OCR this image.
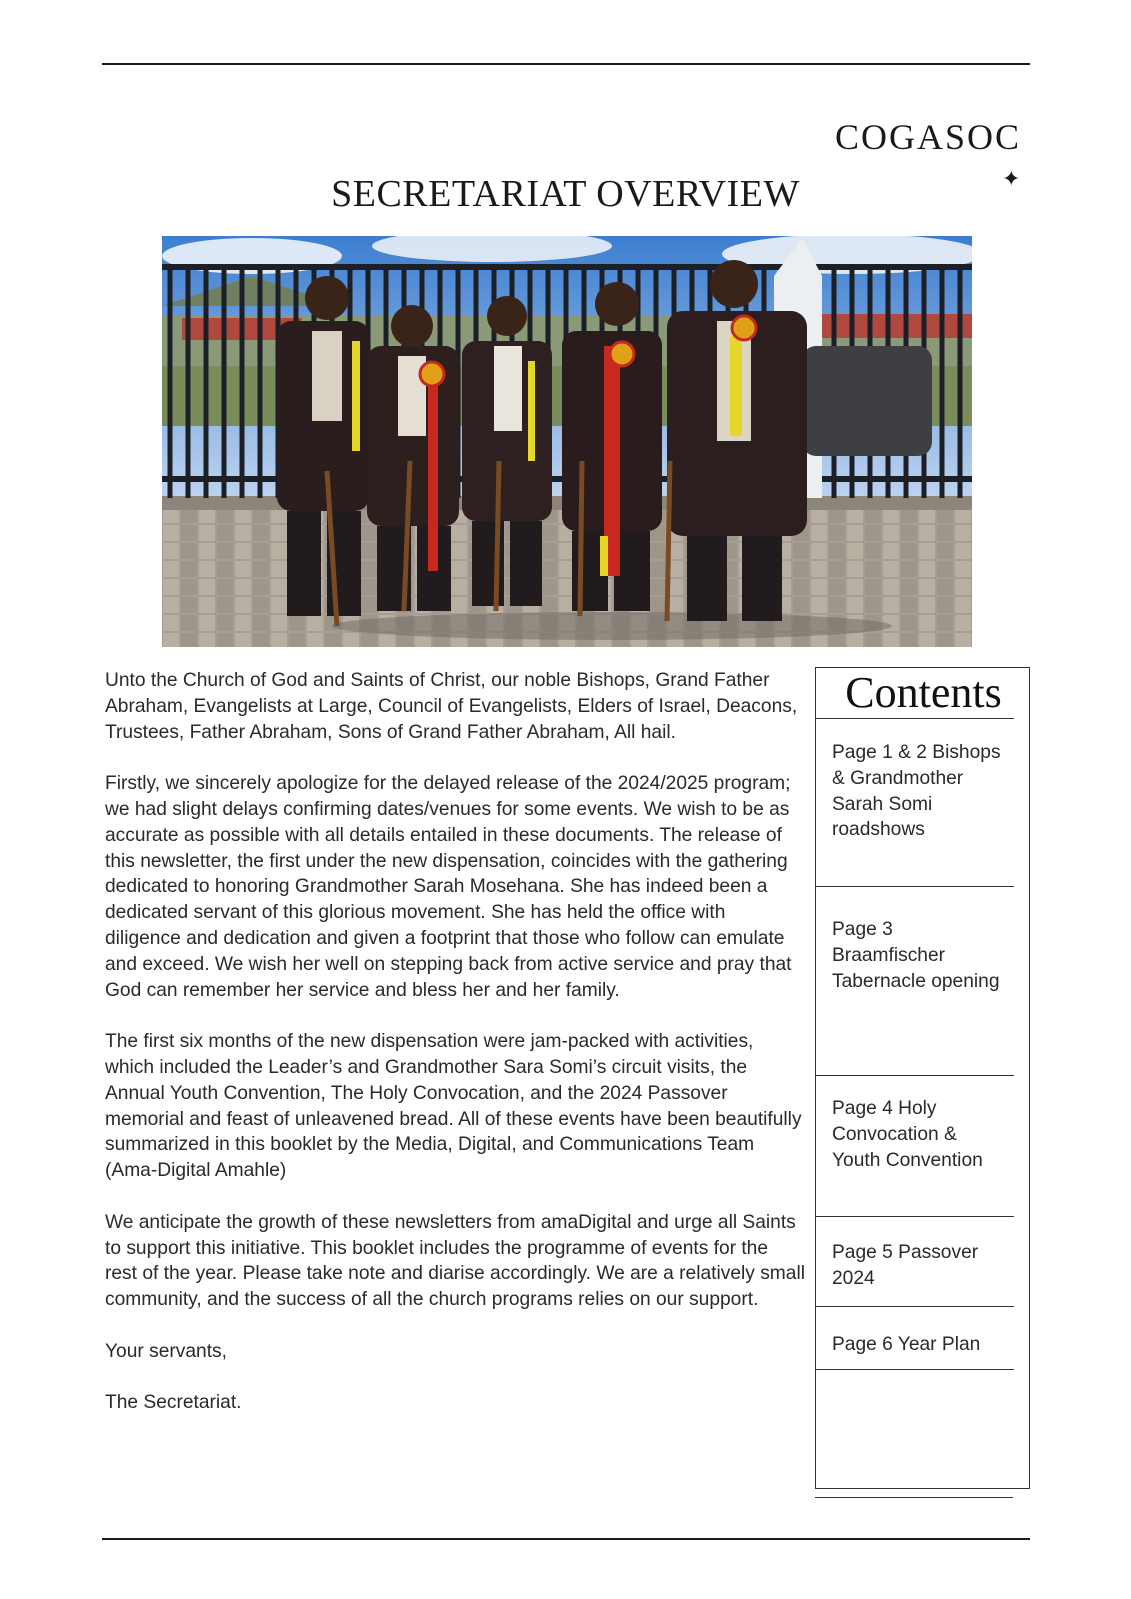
COGASOC
✦
SECRETARIAT OVERVIEW

Unto the Church of God and Saints of Christ, our noble Bishops, Grand Father Abraham, Evangelists at Large, Council of Evangelists, Elders of Israel, Deacons, Trustees, Father Abraham, Sons of Grand Father Abraham, All hail.

Firstly, we sincerely apologize for the delayed release of the 2024/2025 program; we had slight delays confirming dates/venues for some events. We wish to be as accurate as possible with all details entailed in these documents. The release of this newsletter, the first under the new dispensation, coincides with the gathering dedicated to honoring Grandmother Sarah Mosehana. She has indeed been a dedicated servant of this glorious movement. She has held the office with diligence and dedication and given a footprint that those who follow can emulate and exceed. We wish her well on stepping back from active service and pray that God can remember her service and bless her and her family.

The first six months of the new dispensation were jam-packed with activities, which included the Leader’s and Grandmother Sara Somi’s circuit visits, the Annual Youth Convention, The Holy Convocation, and the 2024 Passover memorial and feast of unleavened bread. All of these events have been beautifully summarized in this booklet by the Media, Digital, and Communications Team (Ama-Digital Amahle)

We anticipate the growth of these newsletters from amaDigital and urge all Saints to support this initiative. This booklet includes the programme of events for the rest of the year. Please take note and diarise accordingly. We are a relatively small community, and the success of all the church programs relies on our support.

Your servants,

The Secretariat.

Contents
Page 1 & 2 Bishops & Grandmother Sarah Somi roadshows
Page 3 Braamfischer Tabernacle opening
Page 4 Holy Convocation & Youth Convention
Page 5 Passover 2024
Page 6 Year Plan
